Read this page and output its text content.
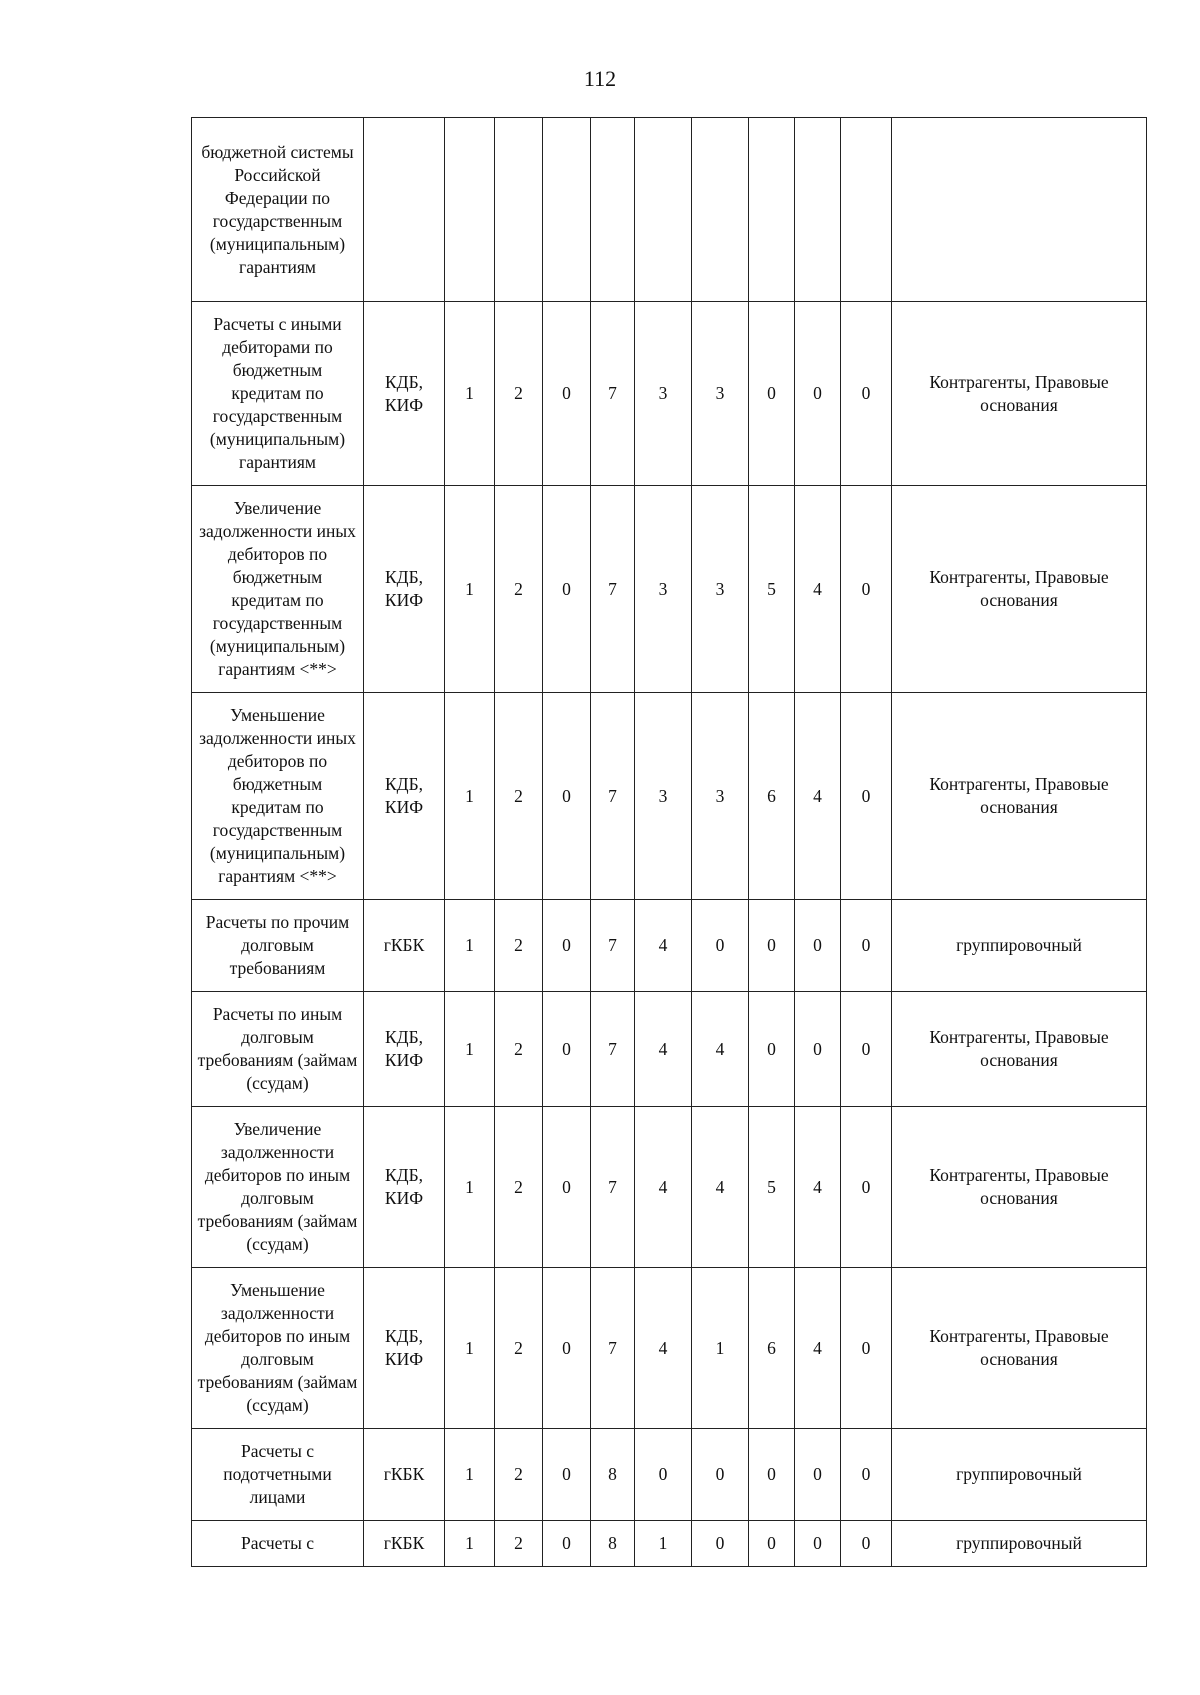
112
бюджетной системы Российской Федерации по государственным (муниципальным) гарантиям											
Расчеты с иными дебиторами по бюджетным кредитам по государственным (муниципальным) гарантиям	КДБ, КИФ	1	2	0	7	3	3	0	0	0	Контрагенты, Правовые основания
Увеличение задолженности иных дебиторов по бюджетным кредитам по государственным (муниципальным) гарантиям <**>	КДБ, КИФ	1	2	0	7	3	3	5	4	0	Контрагенты, Правовые основания
Уменьшение задолженности иных дебиторов по бюджетным кредитам по государственным (муниципальным) гарантиям <**>	КДБ, КИФ	1	2	0	7	3	3	6	4	0	Контрагенты, Правовые основания
Расчеты по прочим долговым требованиям	гКБК	1	2	0	7	4	0	0	0	0	группировочный
Расчеты по иным долговым требованиям (займам (ссудам)	КДБ, КИФ	1	2	0	7	4	4	0	0	0	Контрагенты, Правовые основания
Увеличение задолженности дебиторов по иным долговым требованиям (займам (ссудам)	КДБ, КИФ	1	2	0	7	4	4	5	4	0	Контрагенты, Правовые основания
Уменьшение задолженности дебиторов по иным долговым требованиям (займам (ссудам)	КДБ, КИФ	1	2	0	7	4	1	6	4	0	Контрагенты, Правовые основания
Расчеты с подотчетными лицами	гКБК	1	2	0	8	0	0	0	0	0	группировочный
Расчеты с	гКБК	1	2	0	8	1	0	0	0	0	группировочный
